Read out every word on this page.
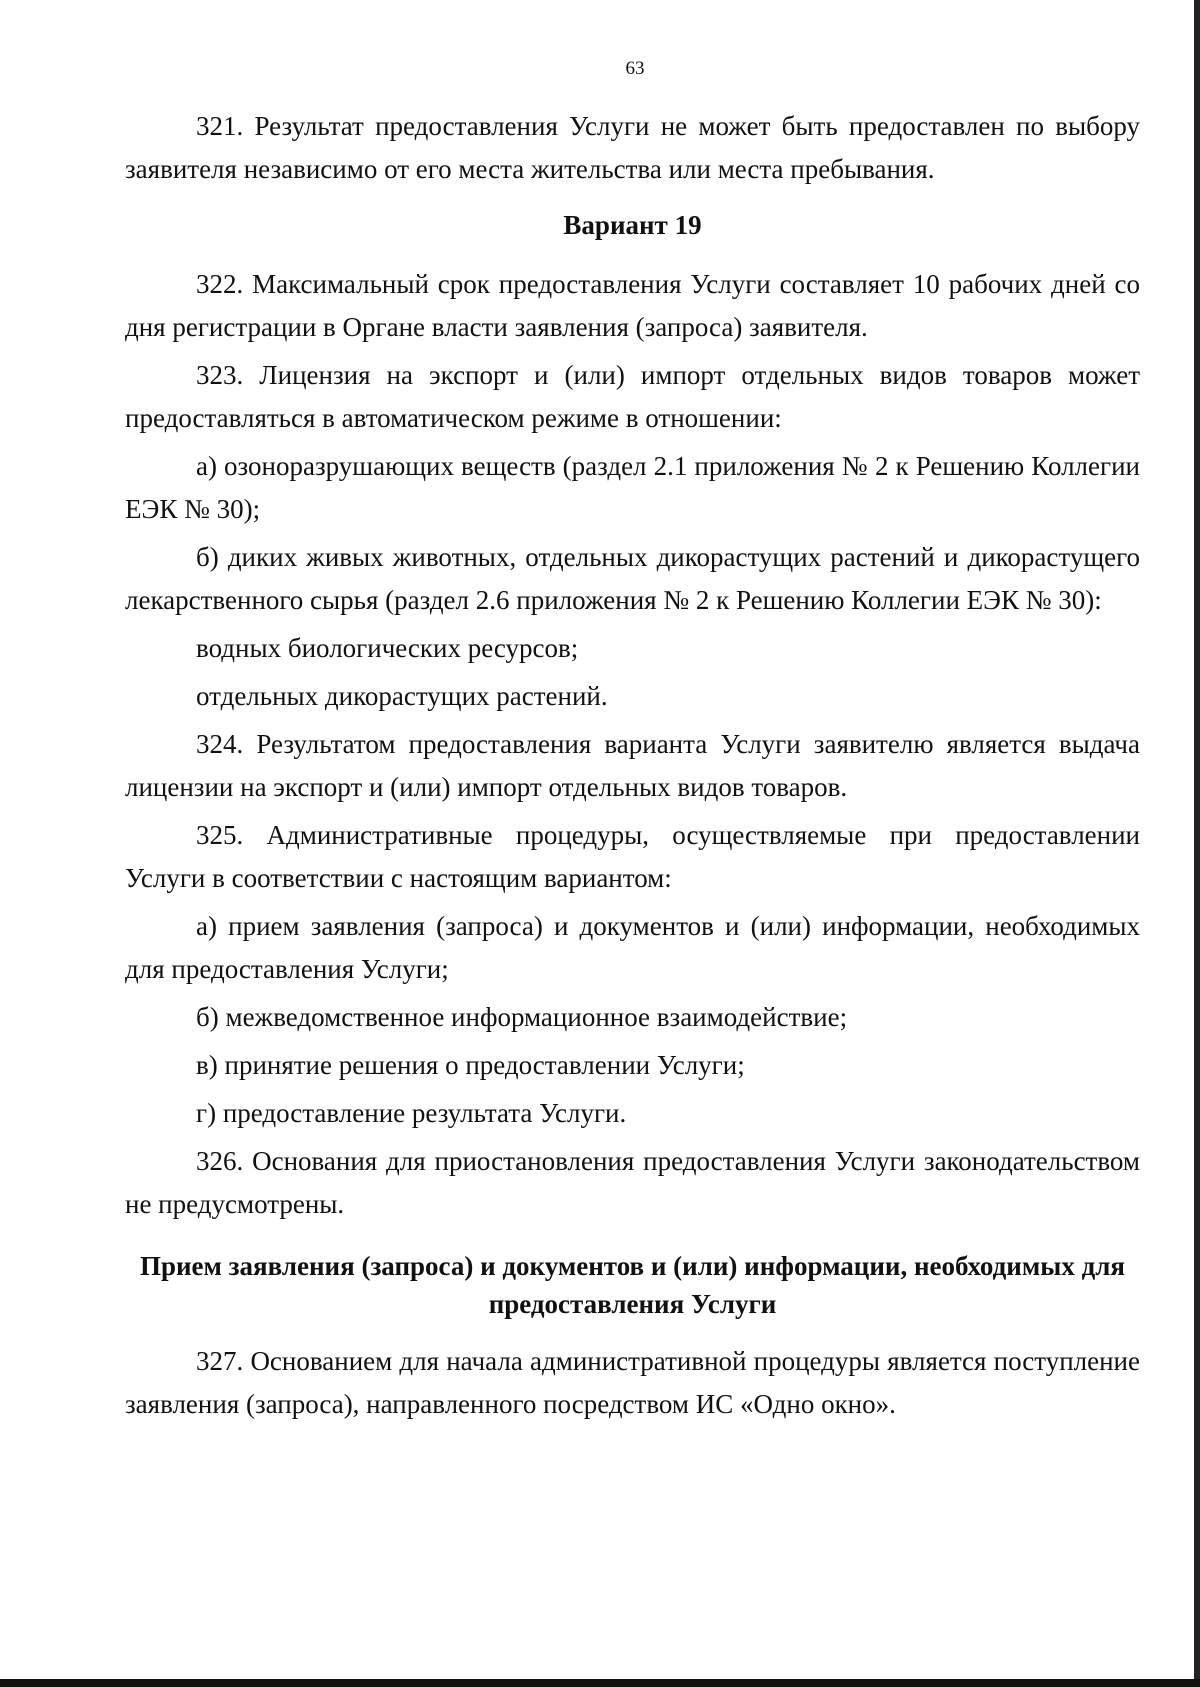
63

321. Результат предоставления Услуги не может быть предоставлен по выбору заявителя независимо от его места жительства или места пребывания.

Вариант 19

322. Максимальный срок предоставления Услуги составляет 10 рабочих дней со дня регистрации в Органе власти заявления (запроса) заявителя.

323. Лицензия на экспорт и (или) импорт отдельных видов товаров может предоставляться в автоматическом режиме в отношении:

а) озоноразрушающих веществ (раздел 2.1 приложения № 2 к Решению Коллегии ЕЭК № 30);

б) диких живых животных, отдельных дикорастущих растений и дикорастущего лекарственного сырья (раздел 2.6 приложения № 2 к Решению Коллегии ЕЭК № 30):

водных биологических ресурсов;

отдельных дикорастущих растений.

324. Результатом предоставления варианта Услуги заявителю является выдача лицензии на экспорт и (или) импорт отдельных видов товаров.

325. Административные процедуры, осуществляемые при предоставлении Услуги в соответствии с настоящим вариантом:

а) прием заявления (запроса) и документов и (или) информации, необходимых для предоставления Услуги;

б) межведомственное информационное взаимодействие;

в) принятие решения о предоставлении Услуги;

г) предоставление результата Услуги.

326. Основания для приостановления предоставления Услуги законодательством не предусмотрены.

Прием заявления (запроса) и документов и (или) информации, необходимых для предоставления Услуги

327. Основанием для начала административной процедуры является поступление заявления (запроса), направленного посредством ИС «Одно окно».
